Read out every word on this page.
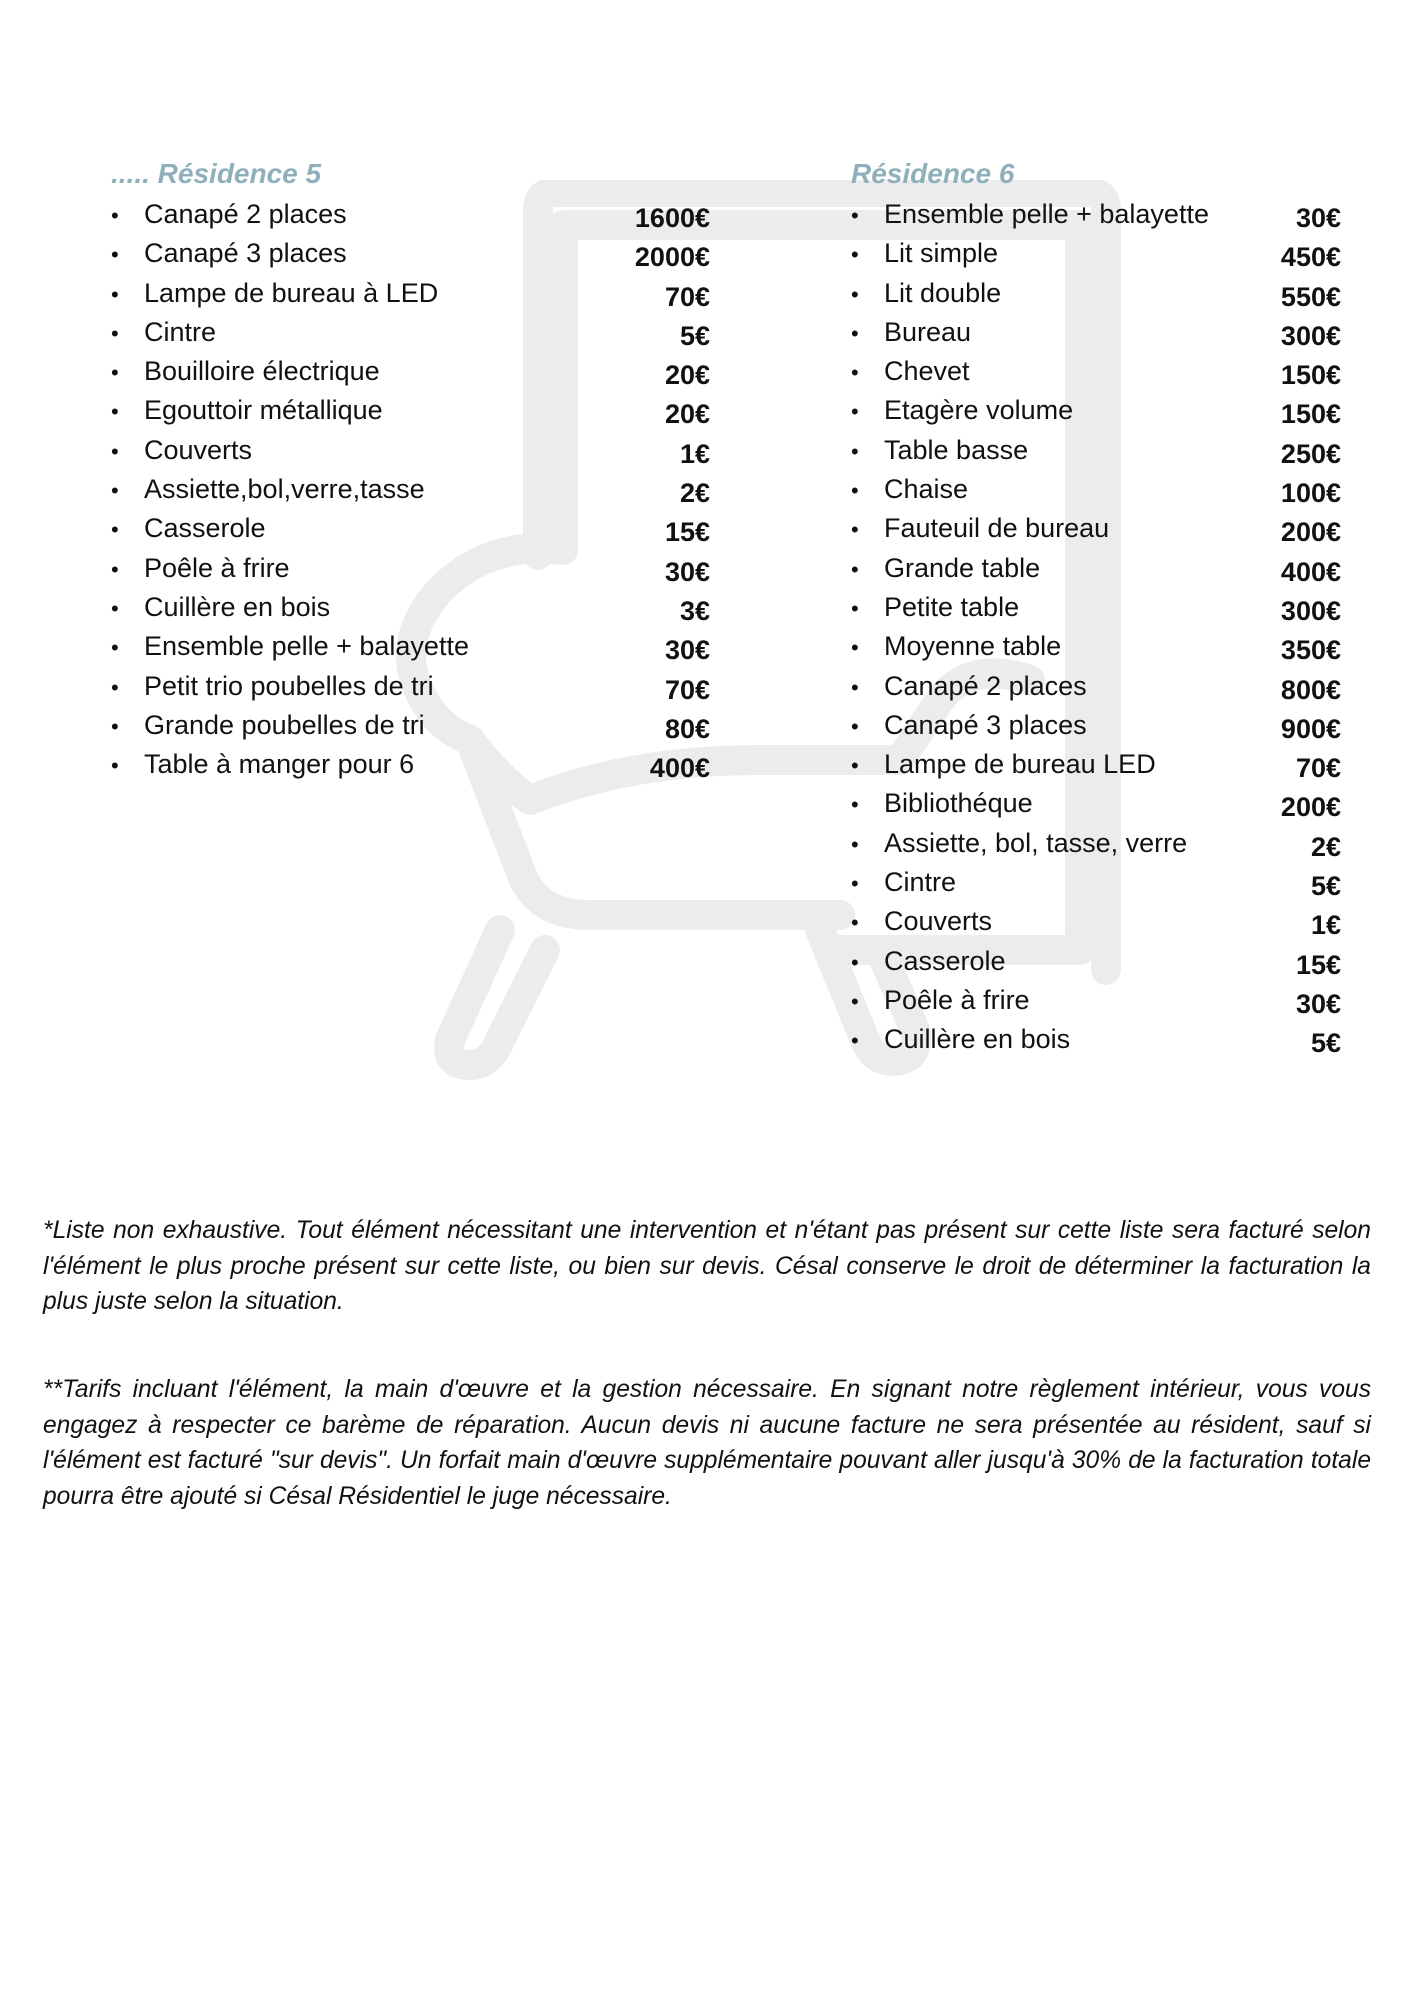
..... Résidence 5
• Canapé 2 places	1600€
• Canapé 3 places	2000€
• Lampe de bureau à LED	70€
• Cintre	5€
• Bouilloire électrique	20€
• Egouttoir métallique	20€
• Couverts	1€
• Assiette,bol,verre,tasse	2€
• Casserole	15€
• Poêle à frire	30€
• Cuillère en bois	3€
• Ensemble pelle + balayette	30€
• Petit trio poubelles de tri	70€
• Grande poubelles de tri	80€
• Table à manger pour 6	400€
Résidence 6
• Ensemble pelle + balayette	30€
• Lit simple	450€
• Lit double	550€
• Bureau	300€
• Chevet	150€
• Etagère volume	150€
• Table basse	250€
• Chaise	100€
• Fauteuil de bureau	200€
• Grande table	400€
• Petite table	300€
• Moyenne table	350€
• Canapé 2 places	800€
• Canapé 3 places	900€
• Lampe de bureau LED	70€
• Bibliothéque	200€
• Assiette, bol, tasse, verre	2€
• Cintre	5€
• Couverts	1€
• Casserole	15€
• Poêle à frire	30€
• Cuillère en bois	5€
*Liste non exhaustive. Tout élément nécessitant une intervention et n'étant pas présent sur cette liste sera facturé selon l'élément le plus proche présent sur cette liste, ou bien sur devis. Césal conserve le droit de déterminer la facturation la plus juste selon la situation.
**Tarifs incluant l'élément, la main d'œuvre et la gestion nécessaire. En signant notre règlement intérieur, vous vous engagez à respecter ce barème de réparation. Aucun devis ni aucune facture ne sera présentée au résident, sauf si l'élément est facturé "sur devis". Un forfait main d'œuvre supplémentaire pouvant aller jusqu'à 30% de la facturation totale pourra être ajouté si Césal Résidentiel le juge nécessaire.
